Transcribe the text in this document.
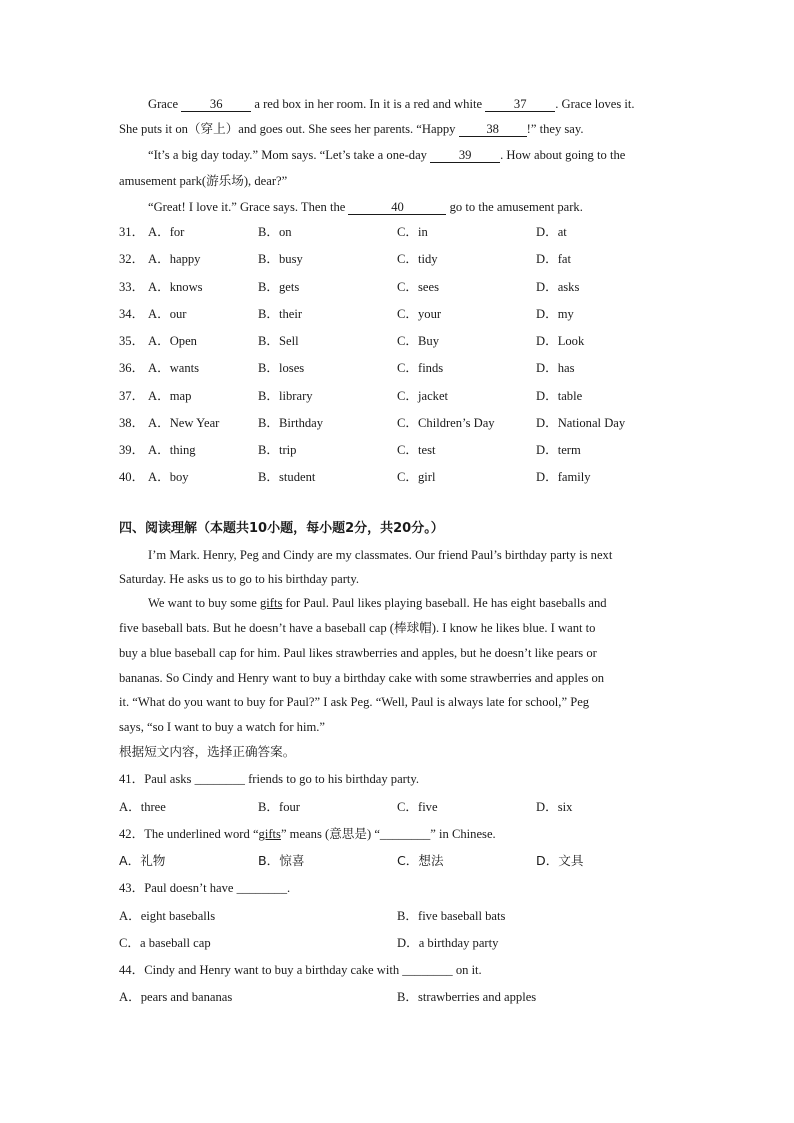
Grace 36 a red box in her room. In it is a red and white 37 . Grace loves it.
She puts it on（穿上）and goes out. She sees her parents. “Happy 38 !” they say.
“It’s a big day today.” Mom says. “Let’s take a one-day 39 . How about going to the
amusement park(游乐场), dear?”
“Great! I love it.” Grace says. Then the	40	go to the amusement park.
31． A．for	B．on	C．in	D．at
32． A．happy	B．busy	C．tidy	D．fat
33． A．knows	B．gets	C．sees	D．asks
34． A．our	B．their	C．your	D．my
35． A．Open	B．Sell	C．Buy	D．Look
36． A．wants	B．loses	C．finds	D．has
37． A．map	B．library	C．jacket	D．table
38． A．New Year	B．Birthday	C．Children’s Day	D．National Day
39． A．thing	B．trip	C．test	D．term
40． A．boy	B．student	C．girl	D．family
四、阅读理解（本题共10小题，每小题2分，共20分。）
I’m Mark. Henry, Peg and Cindy are my classmates. Our friend Paul’s birthday party is next
Saturday. He asks us to go to his birthday party.
We want to buy some gifts for Paul. Paul likes playing baseball. He has eight baseballs and
five baseball bats. But he doesn’t have a baseball cap (棒球帽). I know he likes blue. I want to
buy a blue baseball cap for him. Paul likes strawberries and apples, but he doesn’t like pears or
bananas. So Cindy and Henry want to buy a birthday cake with some strawberries and apples on
it. “What do you want to buy for Paul?” I ask Peg. “Well, Paul is always late for school,” Peg
says, “so I want to buy a watch for him.”
根据短文内容，选择正确答案。
41．Paul asks ________ friends to go to his birthday party.
A．three	B．four	C．five	D．six
42．The underlined word “gifts” means (意思是) “________” in Chinese.
A．礼物	B．惊喜	C．想法	D．文具
43．Paul doesn’t have ________.
A．eight baseballs	B．five baseball bats
C．a baseball cap	D．a birthday party
44．Cindy and Henry want to buy a birthday cake with ________ on it.
A．pears and bananas	B．strawberries and apples
